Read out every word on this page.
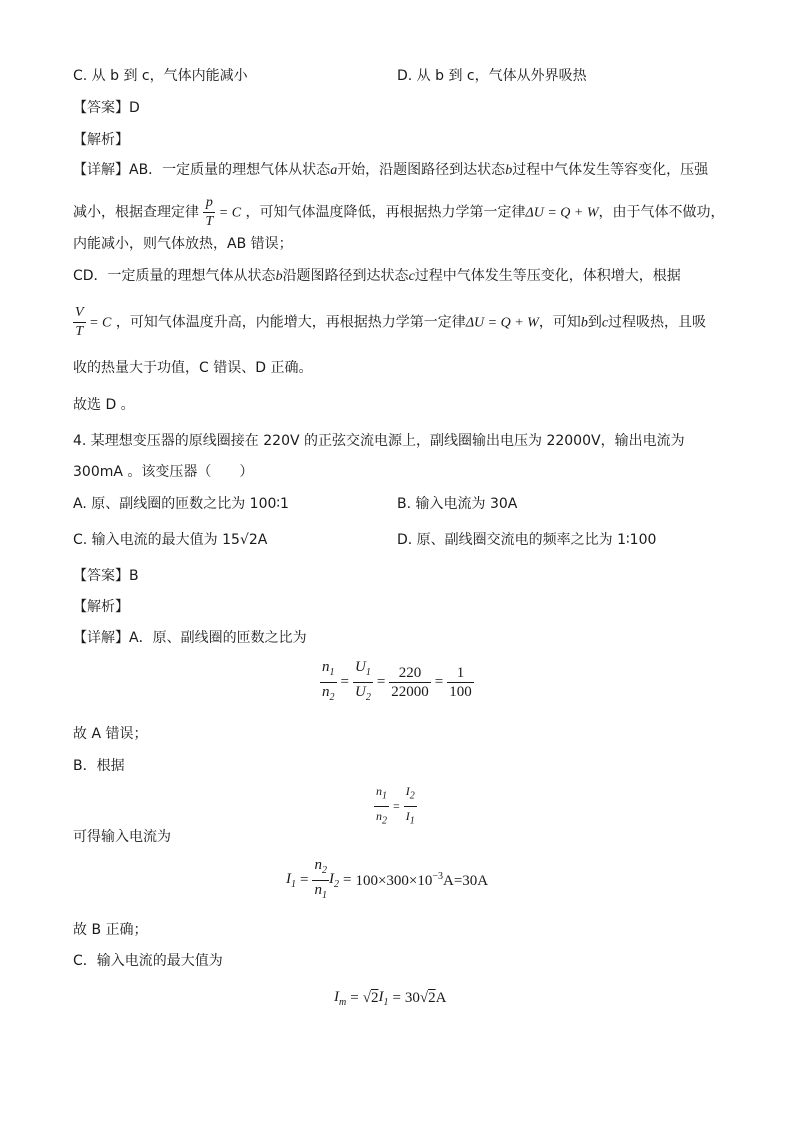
C. 从 b 到 c，气体内能减小	D. 从 b 到 c，气体从外界吸热
【答案】D
【解析】
【详解】AB．一定质量的理想气体从状态a开始，沿题图路径到达状态b过程中气体发生等容变化，压强
减小，根据查理定律 $\frac{p}{T} = C$ ，可知气体温度降低，再根据热力学第一定律ΔU = Q + W，由于气体不做功，
内能减小，则气体放热，AB 错误；
CD．一定质量的理想气体从状态b沿题图路径到达状态c过程中气体发生等压变化，体积增大，根据
$\frac{V}{T} = C$ ，可知气体温度升高，内能增大，再根据热力学第一定律ΔU = Q + W，可知b到c过程吸热，且吸
收的热量大于功值，C 错误、D 正确。
故选 D 。
4. 某理想变压器的原线圈接在 220V 的正弦交流电源上，副线圈输出电压为 22000V，输出电流为
300mA 。该变压器（　　）
A. 原、副线圈的匝数之比为 100∶1	B. 输入电流为 30A
C. 输入电流的最大值为 15√2A	D. 原、副线圈交流电的频率之比为 1∶100
【答案】B
【解析】
【详解】A．原、副线圈的匝数之比为
$\frac{n_1}{n_2} = \frac{U_1}{U_2} = \frac{220}{22000} = \frac{1}{100}$
故 A 错误；
B．根据
$\frac{n_1}{n_2} = \frac{I_2}{I_1}$
可得输入电流为
$I_1 = \frac{n_2}{n_1} I_2 = 100\times 300\times 10^{-3}A=30A$
故 B 正确；
C．输入电流的最大值为
$I_m = √2$ $I_1 = 30√2A$
